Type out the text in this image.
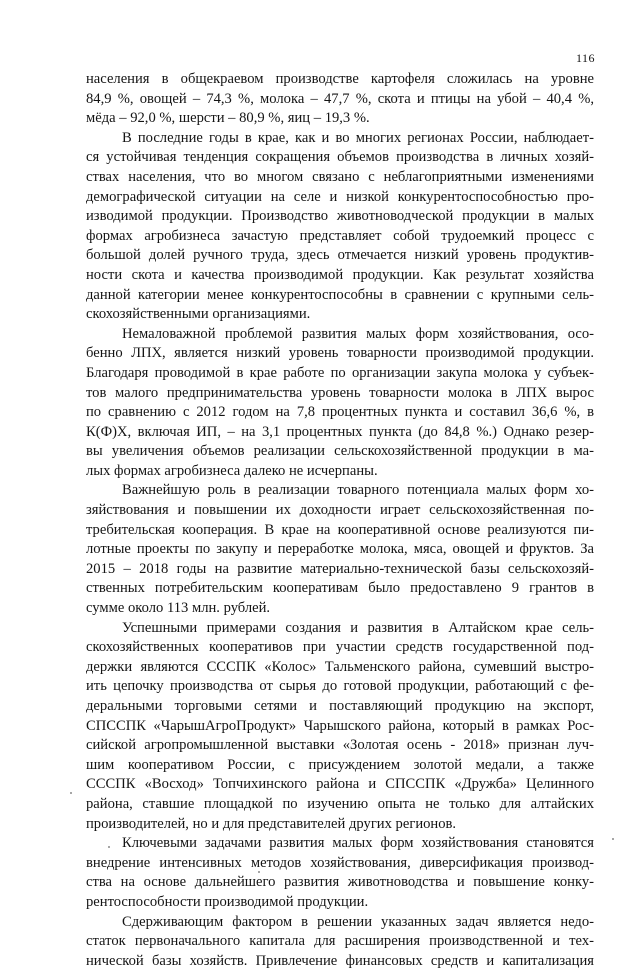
116
населения в общекраевом производстве картофеля сложилась на уровне
84,9 %, овощей – 74,3 %, молока – 47,7 %, скота и птицы на убой – 40,4 %,
мёда – 92,0 %, шерсти – 80,9 %, яиц – 19,3 %.
В последние годы в крае, как и во многих регионах России, наблюдает-
ся устойчивая тенденция сокращения объемов производства в личных хозяй-
ствах населения, что во многом связано с неблагоприятными изменениями
демографической ситуации на селе и низкой конкурентоспособностью про-
изводимой продукции. Производство животноводческой продукции в малых
формах агробизнеса зачастую представляет собой трудоемкий процесс с
большой долей ручного труда, здесь отмечается низкий уровень продуктив-
ности скота и качества производимой продукции. Как результат хозяйства
данной категории менее конкурентоспособны в сравнении с крупными сель-
скохозяйственными организациями.
Немаловажной проблемой развития малых форм хозяйствования, осо-
бенно ЛПХ, является низкий уровень товарности производимой продукции.
Благодаря проводимой в крае работе по организации закупа молока у субъек-
тов малого предпринимательства уровень товарности молока в ЛПХ вырос
по сравнению с 2012 годом на 7,8 процентных пункта и составил 36,6 %, в
К(Ф)Х, включая ИП, – на 3,1 процентных пункта (до 84,8 %.) Однако резер-
вы увеличения объемов реализации сельскохозяйственной продукции в ма-
лых формах агробизнеса далеко не исчерпаны.
Важнейшую роль в реализации товарного потенциала малых форм хо-
зяйствования и повышении их доходности играет сельскохозяйственная по-
требительская кооперация. В крае на кооперативной основе реализуются пи-
лотные проекты по закупу и переработке молока, мяса, овощей и фруктов. За
2015 – 2018 годы на развитие материально-технической базы сельскохозяй-
ственных потребительским кооперативам было предоставлено 9 грантов в
сумме около 113 млн. рублей.
Успешными примерами создания и развития в Алтайском крае сель-
скохозяйственных кооперативов при участии средств государственной под-
держки являются СССПК «Колос» Тальменского района, сумевший выстро-
ить цепочку производства от сырья до готовой продукции, работающий с фе-
деральными торговыми сетями и поставляющий продукцию на экспорт,
СПССПК «ЧарышАгроПродукт» Чарышского района, который в рамках Рос-
сийской агропромышленной выставки «Золотая осень - 2018» признан луч-
шим кооперативом России, с присуждением золотой медали, а также
СССПК «Восход» Топчихинского района и СПССПК «Дружба» Целинного
района, ставшие площадкой по изучению опыта не только для алтайских
производителей, но и для представителей других регионов.
Ключевыми задачами развития малых форм хозяйствования становятся
внедрение интенсивных методов хозяйствования, диверсификация производ-
ства на основе дальнейшего развития животноводства и повышение конку-
рентоспособности производимой продукции.
Сдерживающим фактором в решении указанных задач является недо-
статок первоначального капитала для расширения производственной и тех-
нической базы хозяйств. Привлечение финансовых средств и капитализация
